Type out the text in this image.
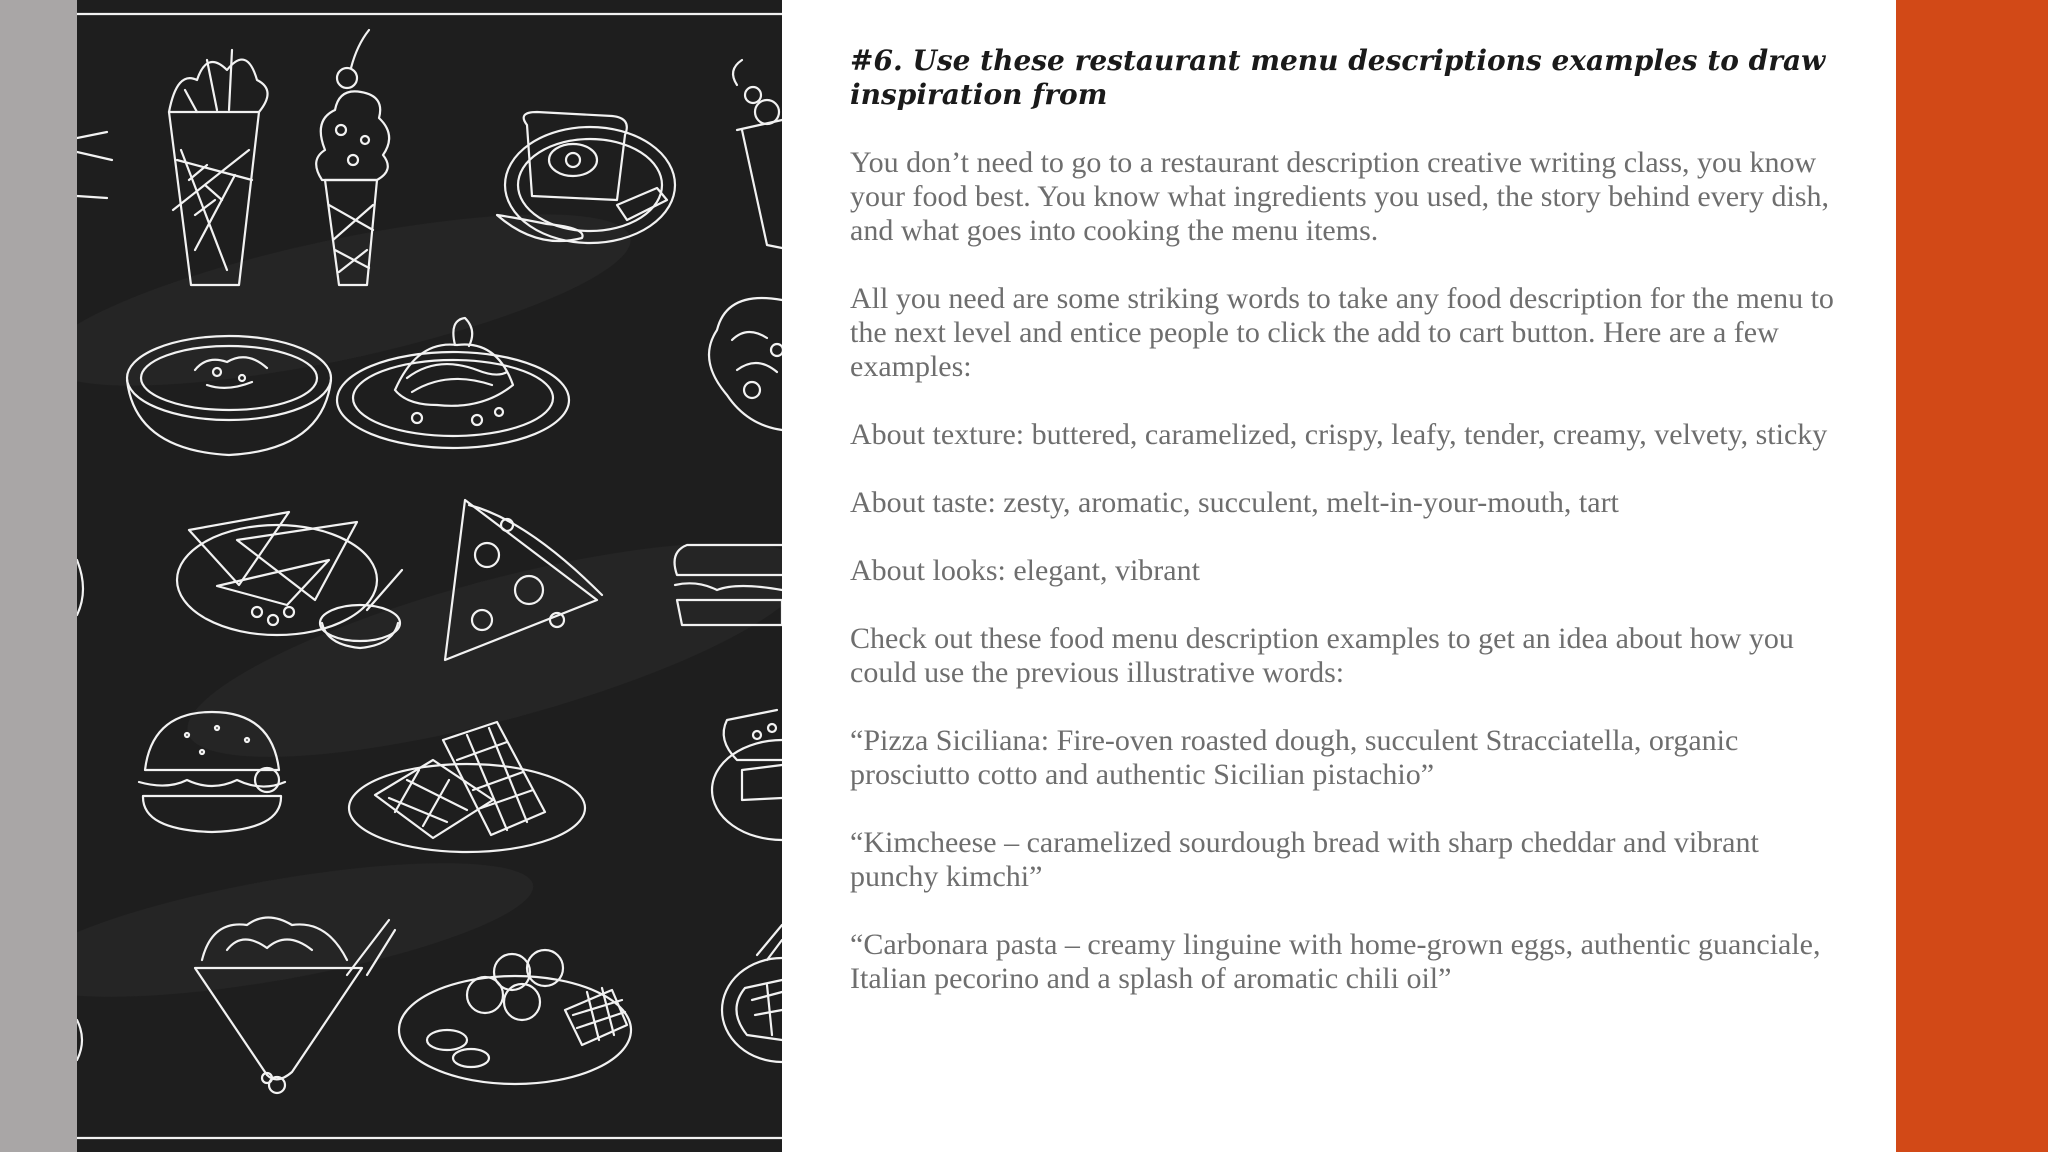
#6. Use these restaurant menu descriptions examples to draw inspiration from

You don’t need to go to a restaurant description creative writing class, you know your food best. You know what ingredients you used, the story behind every dish, and what goes into cooking the menu items.

All you need are some striking words to take any food description for the menu to the next level and entice people to click the add to cart button. Here are a few examples:

About texture: buttered, caramelized, crispy, leafy, tender, creamy, velvety, sticky

About taste: zesty, aromatic, succulent, melt-in-your-mouth, tart

About looks: elegant, vibrant

Check out these food menu description examples to get an idea about how you could use the previous illustrative words:

“Pizza Siciliana: Fire-oven roasted dough, succulent Stracciatella, organic prosciutto cotto and authentic Sicilian pistachio”

“Kimcheese – caramelized sourdough bread with sharp cheddar and vibrant punchy kimchi”

“Carbonara pasta – creamy linguine with home-grown eggs, authentic guanciale, Italian pecorino and a splash of aromatic chili oil”
